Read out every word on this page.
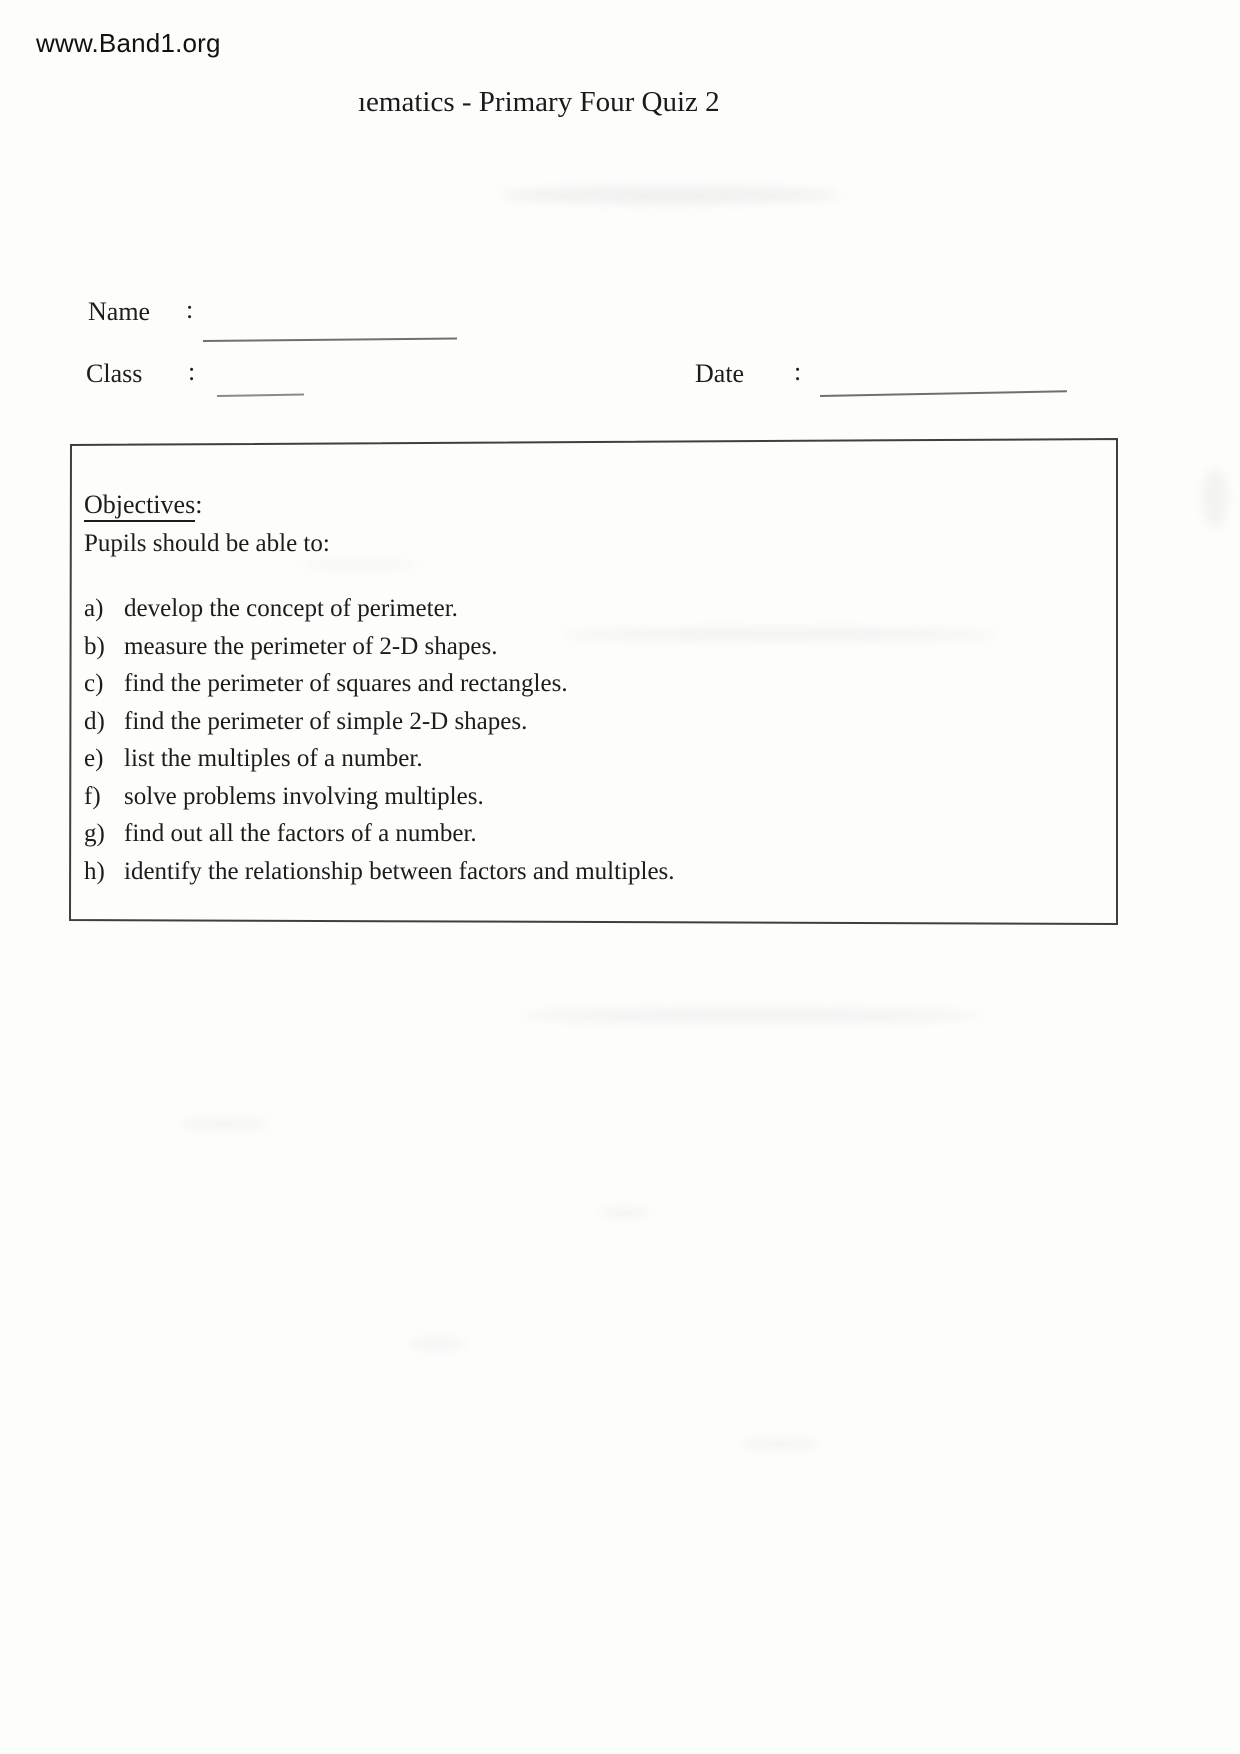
www.Band1.org
ıematics - Primary Four Quiz 2
Name :
Class :	Date :
Objectives:
Pupils should be able to:
a) develop the concept of perimeter.
b) measure the perimeter of 2-D shapes.
c) find the perimeter of squares and rectangles.
d) find the perimeter of simple 2-D shapes.
e) list the multiples of a number.
f) solve problems involving multiples.
g) find out all the factors of a number.
h) identify the relationship between factors and multiples.
